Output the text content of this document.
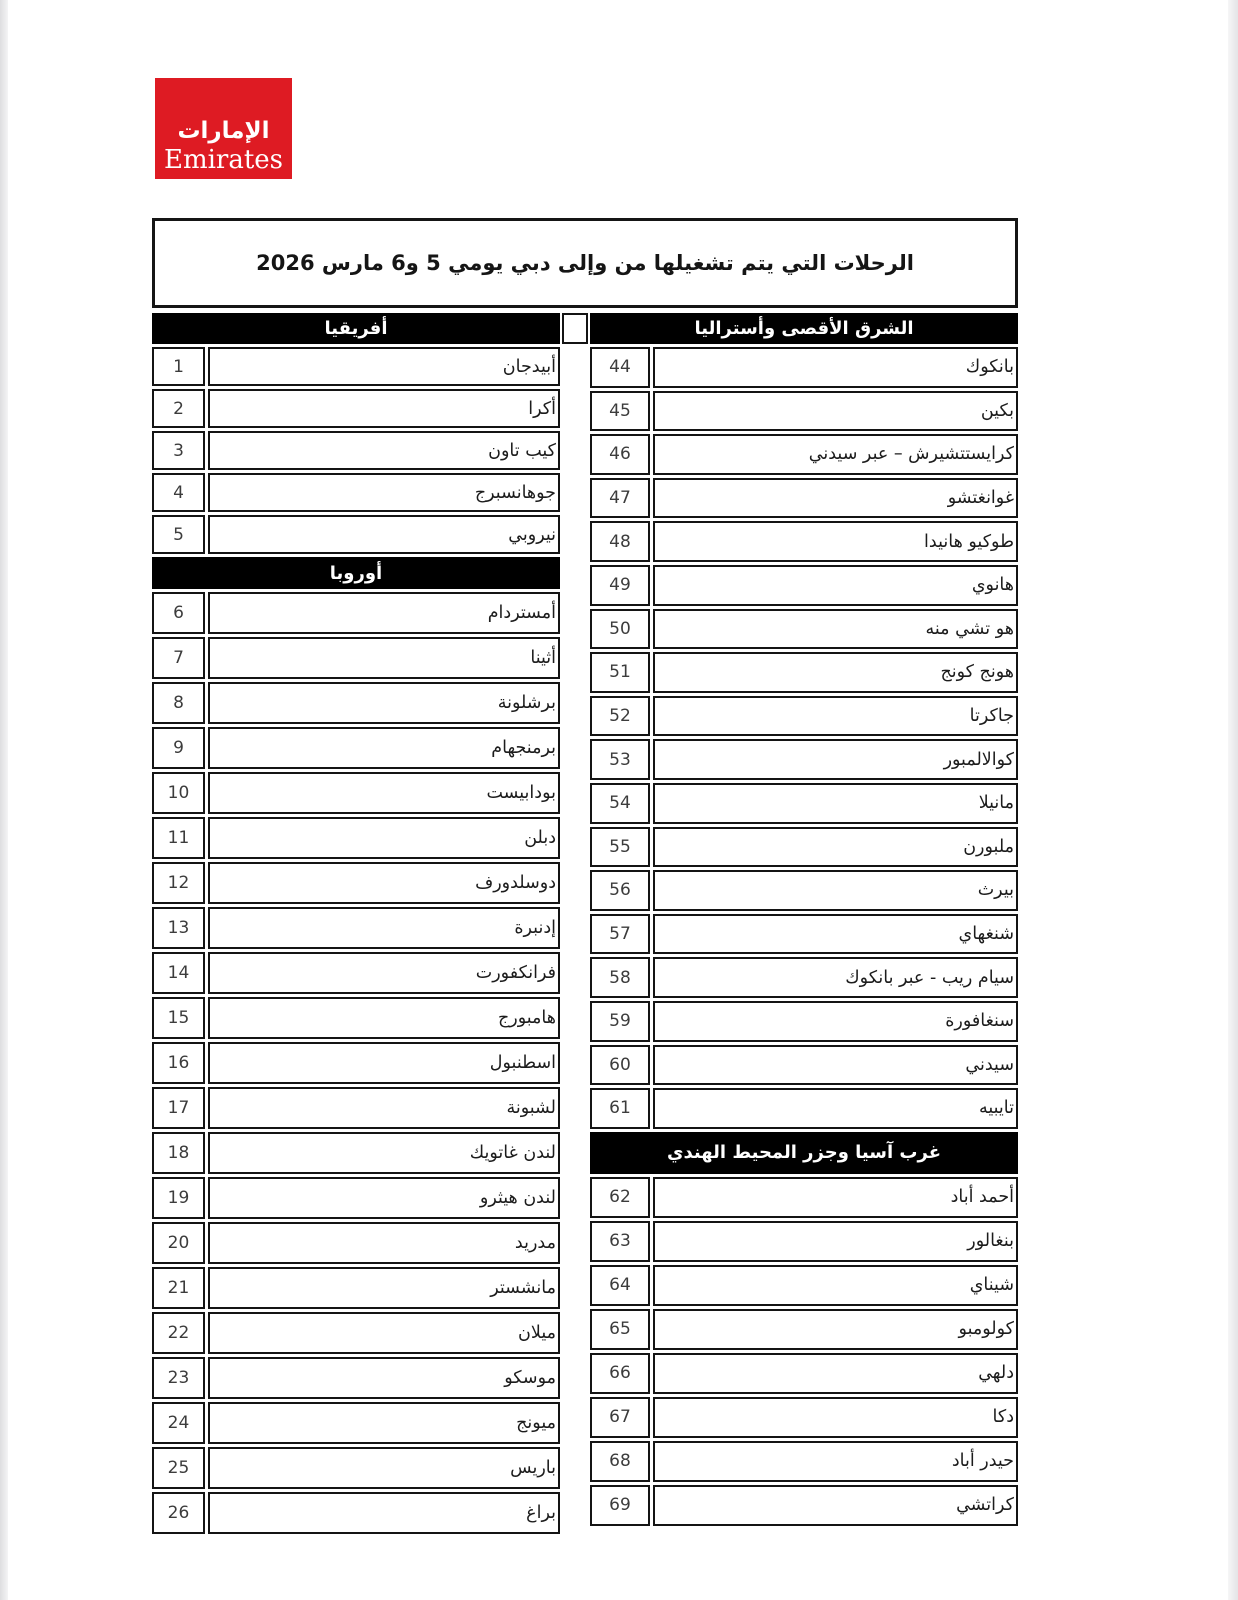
الإمارات
Emirates
الرحلات التي يتم تشغيلها من وإلى دبي يومي 5 و6 مارس 2026
أفريقيا
1	أبيدجان
2	أكرا
3	كيب تاون
4	جوهانسبرج
5	نيروبي
أوروبا
6	أمستردام
7	أثينا
8	برشلونة
9	برمنجهام
10	بودابيست
11	دبلن
12	دوسلدورف
13	إدنبرة
14	فرانكفورت
15	هامبورج
16	اسطنبول
17	لشبونة
18	لندن غاتويك
19	لندن هيثرو
20	مدريد
21	مانشستر
22	ميلان
23	موسكو
24	ميونج
25	باريس
26	براغ
الشرق الأقصى وأستراليا
44	بانكوك
45	بكين
46	كرايستتشيرش – عبر سيدني
47	غوانغتشو
48	طوكيو هانيدا
49	هانوي
50	هو تشي منه
51	هونج كونج
52	جاكرتا
53	كوالالمبور
54	مانيلا
55	ملبورن
56	بيرث
57	شنغهاي
58	سيام ريب - عبر بانكوك
59	سنغافورة
60	سيدني
61	تايبيه
غرب آسيا وجزر المحيط الهندي
62	أحمد أباد
63	بنغالور
64	شيناي
65	كولومبو
66	دلهي
67	دكا
68	حيدر أباد
69	كراتشي
